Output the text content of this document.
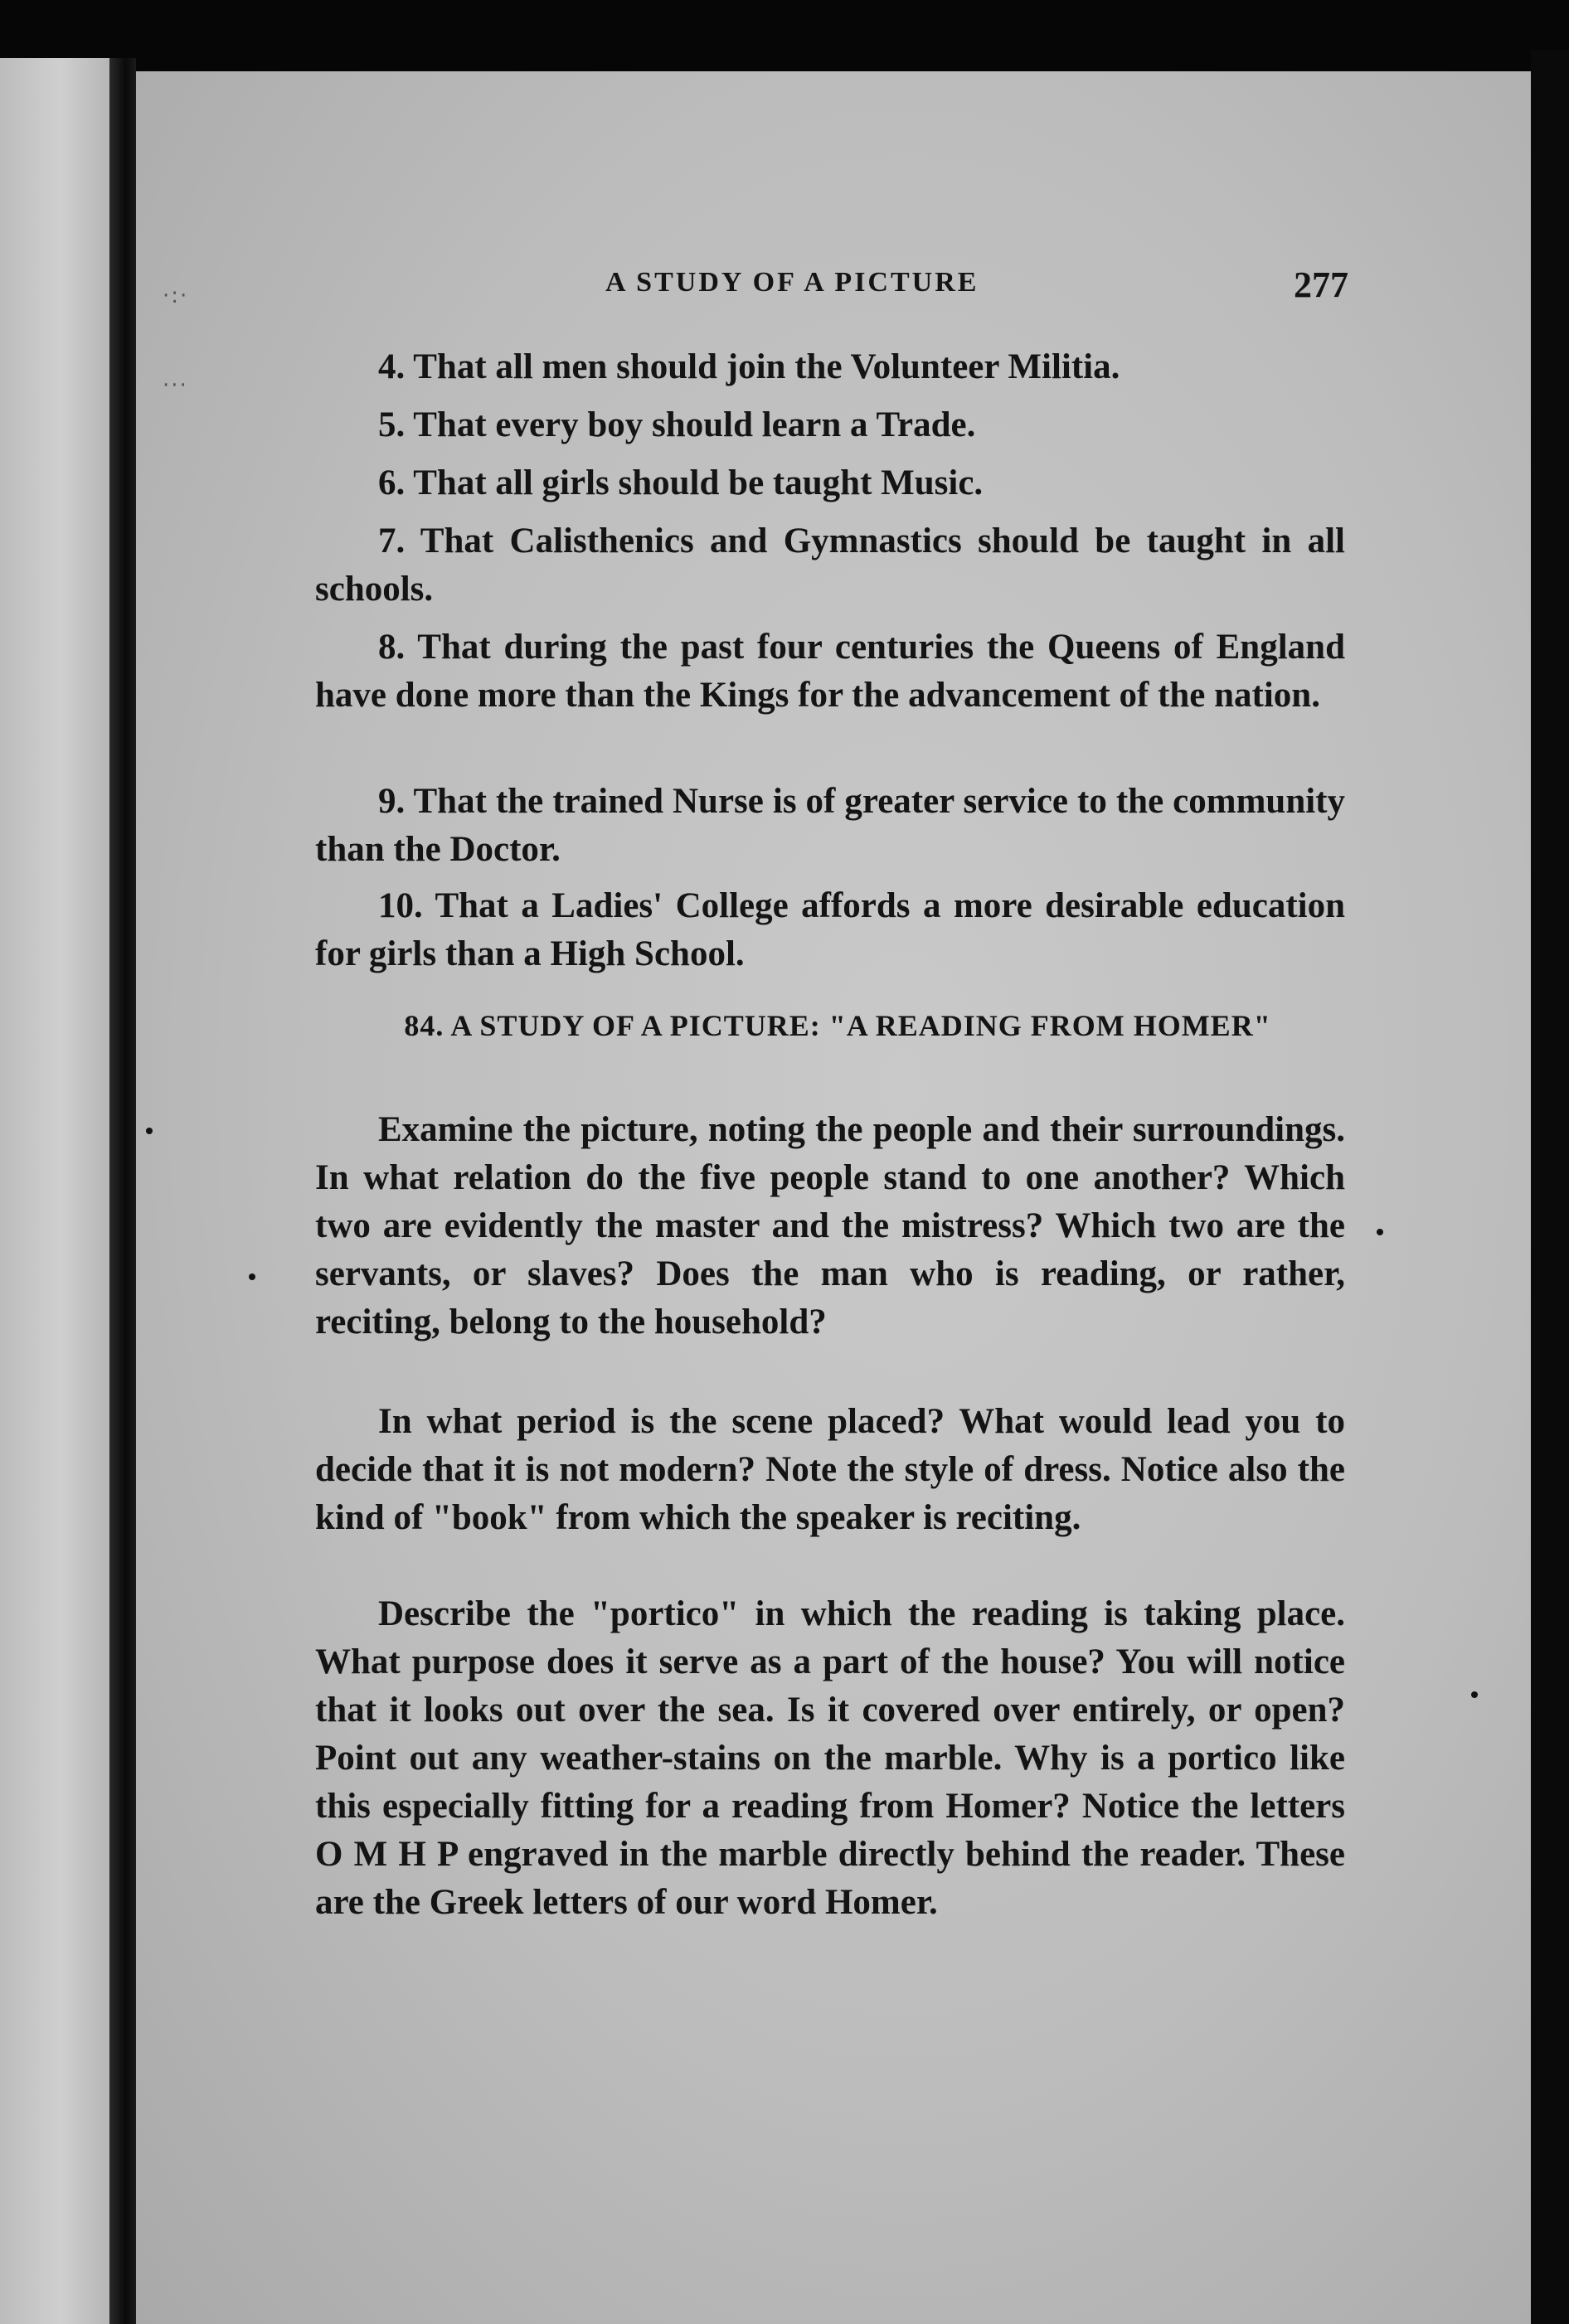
·:·
···
A STUDY OF A PICTURE	277

4. That all men should join the Volunteer Militia.

5. That every boy should learn a Trade.

6. That all girls should be taught Music.

7. That Calisthenics and Gymnastics should be taught in all schools.

8. That during the past four centuries the Queens of England have done more than the Kings for the advancement of the nation.

9. That the trained Nurse is of greater service to the community than the Doctor.

10. That a Ladies' College affords a more desirable education for girls than a High School.

84. A STUDY OF A PICTURE: "A READING FROM HOMER"

Examine the picture, noting the people and their surroundings. In what relation do the five people stand to one another? Which two are evidently the master and the mistress? Which two are the servants, or slaves? Does the man who is reading, or rather, reciting, belong to the household?

In what period is the scene placed? What would lead you to decide that it is not modern? Note the style of dress. Notice also the kind of "book" from which the speaker is reciting.

Describe the "portico" in which the reading is taking place. What purpose does it serve as a part of the house? You will notice that it looks out over the sea. Is it covered over entirely, or open? Point out any weather-stains on the marble. Why is a portico like this especially fitting for a reading from Homer? Notice the letters O M H P engraved in the marble directly behind the reader. These are the Greek letters of our word Homer.
